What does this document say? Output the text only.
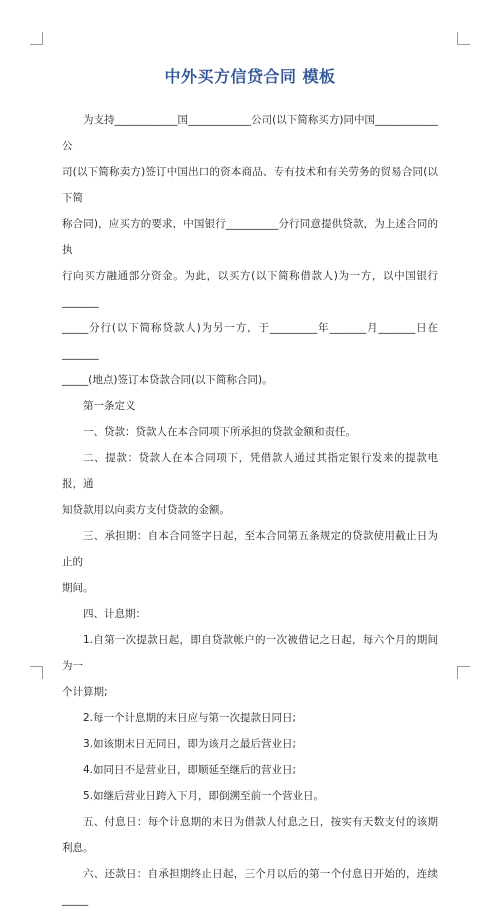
中外买方信贷合同 模板

为支持____________国____________公司(以下简称买方)同中国____________公
司(以下简称卖方)签订中国出口的资本商品、专有技术和有关劳务的贸易合同(以下简
称合同)，应买方的要求，中国银行__________分行同意提供贷款，为上述合同的执
行向买方融通部分资金。为此，以买方(以下简称借款人)为一方，以中国银行_______
_____分行(以下简称贷款人)为另一方，于_________年_______月_______日在_______
_____(地点)签订本贷款合同(以下简称合同)。

第一条定义

一、贷款：贷款人在本合同项下所承担的贷款金额和责任。

二、提款：贷款人在本合同项下，凭借款人通过其指定银行发来的提款电报，通
知贷款用以向卖方支付贷款的金额。

三、承担期：自本合同签字日起，至本合同第五条规定的贷款使用截止日为止的
期间。

四、计息期：

1.自第一次提款日起，即自贷款帐户的一次被借记之日起，每六个月的期间为一
个计算期;

2.每一个计息期的末日应与第一次提款日同日;

3.如该期末日无同日，即为该月之最后营业日;

4.如同日不是营业日，即顺延至继后的营业日;

5.如继后营业日跨入下月，即倒溯至前一个营业日。

五、付息日：每个计息期的末日为借款人付息之日，按实有天数支付的该期利息。

六、还款日：自承担期终止日起，三个月以后的第一个付息日开始的，连续_____
